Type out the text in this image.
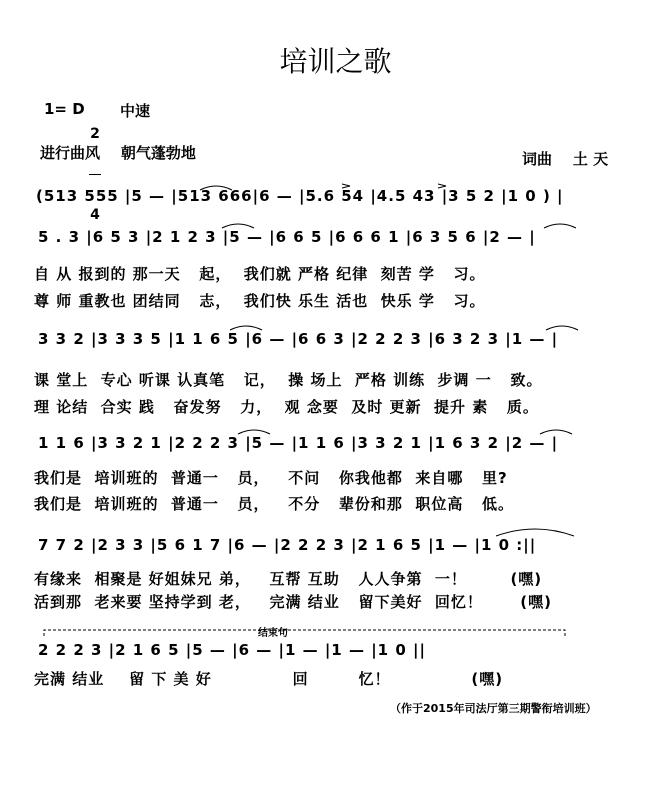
培训之歌
1= D

2

4

中速
进行曲风    朝气蓬勃地	词曲    土 天
(513 555 |5 — |513 666|6 — |5.6 54 |4.5 43 |3 5 2 |1 0 ) |
5 . 3 |6 5 3 |2 1 2 3 |5 — |6 6 5 |6 6 6 1 |6 3 5 6 |2 — |
自 从 报到的 那一天   起，  我们就 严格 纪律  刻苦 学   习。
尊 师 重教也 团结同   志，  我们快 乐生 活也  快乐 学   习。
3 3 2 |3 3 3 5 |1 1 6 5 |6 — |6 6 3 |2 2 2 3 |6 3 2 3 |1 — |
课 堂上  专心 听课 认真笔   记，  操 场上  严格 训练  步调 一   致。
理 论结  合实 践   奋发努   力，  观 念要  及时 更新  提升 素   质。
1 1 6 |3 3 2 1 |2 2 2 3 |5 — |1 1 6 |3 3 2 1 |1 6 3 2 |2 — |
我们是  培训班的  普通一   员，   不问   你我他都  来自哪   里?
我们是  培训班的  普通一   员，   不分   辈份和那  职位高   低。
7 7 2 |2 3 3 |5 6 1 7 |6 — |2 2 2 3 |2 1 6 5 |1 — |1 0 :||
有缘来  相聚是 好姐妹兄 弟，   互帮 互助   人人争第  一！       (嘿)
活到那  老来要 坚持学到 老，   完满 结业   留下美好  回忆！      (嘿)
结束句
2 2 2 3 |2 1 6 5 |5 — |6 — |1 — |1 — |1 0 ||
完满 结业    留 下 美 好             回        忆！             (嘿)
（作于2015年司法厅第三期警衔培训班）
